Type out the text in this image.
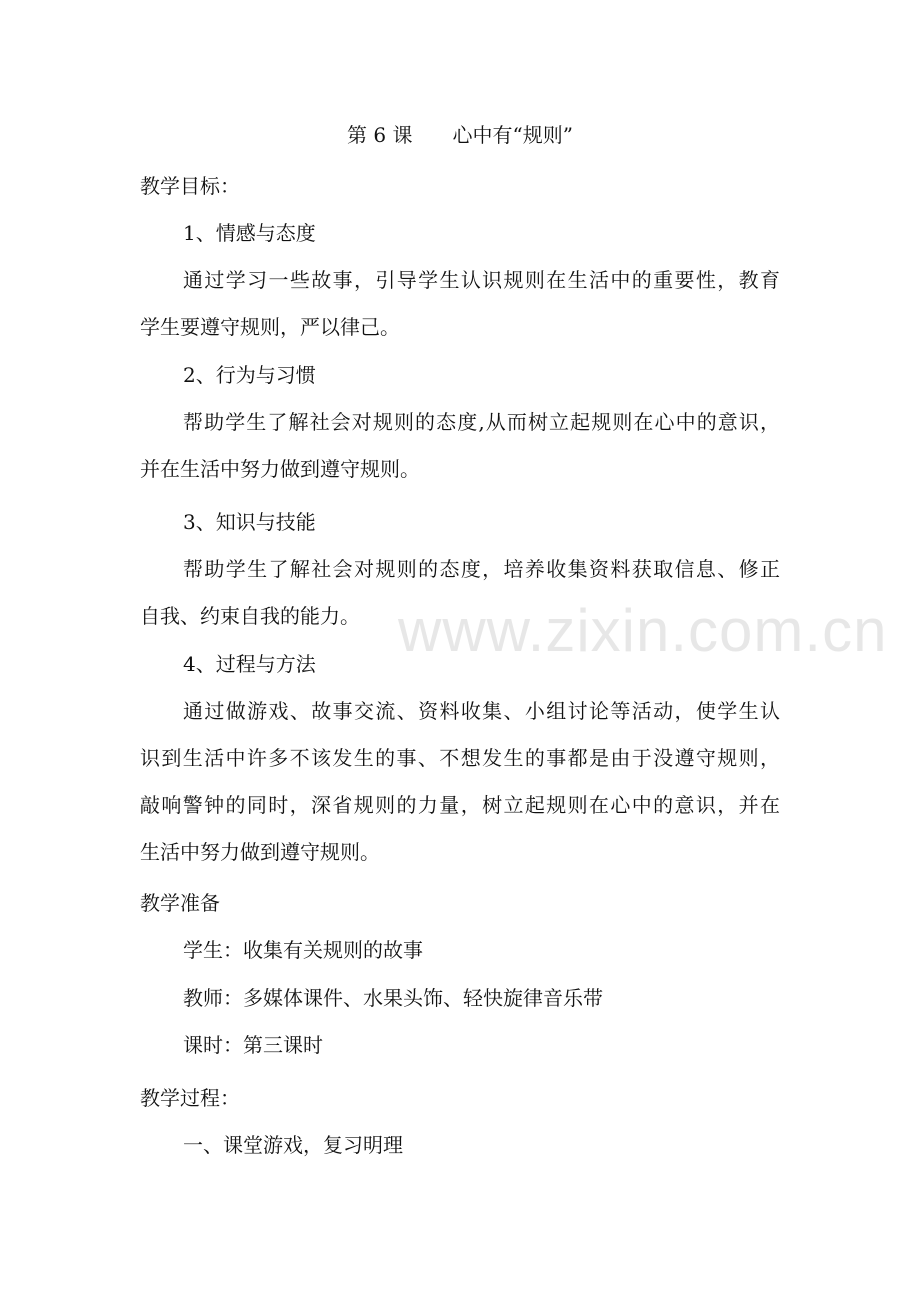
第 6 课　　心中有“规则”
教学目标：
1、情感与态度
通过学习一些故事，引导学生认识规则在生活中的重要性，教育
学生要遵守规则，严以律己。
2、行为与习惯
帮助学生了解社会对规则的态度,从而树立起规则在心中的意识，
并在生活中努力做到遵守规则。
3、知识与技能
帮助学生了解社会对规则的态度，培养收集资料获取信息、修正
自我、约束自我的能力。
4、过程与方法
通过做游戏、故事交流、资料收集、小组讨论等活动，使学生认
识到生活中许多不该发生的事、不想发生的事都是由于没遵守规则，
敲响警钟的同时，深省规则的力量，树立起规则在心中的意识，并在
生活中努力做到遵守规则。
教学准备
学生：收集有关规则的故事
教师：多媒体课件、水果头饰、轻快旋律音乐带
课时：第三课时
教学过程：
一、课堂游戏，复习明理
www.zixin.com.cn
